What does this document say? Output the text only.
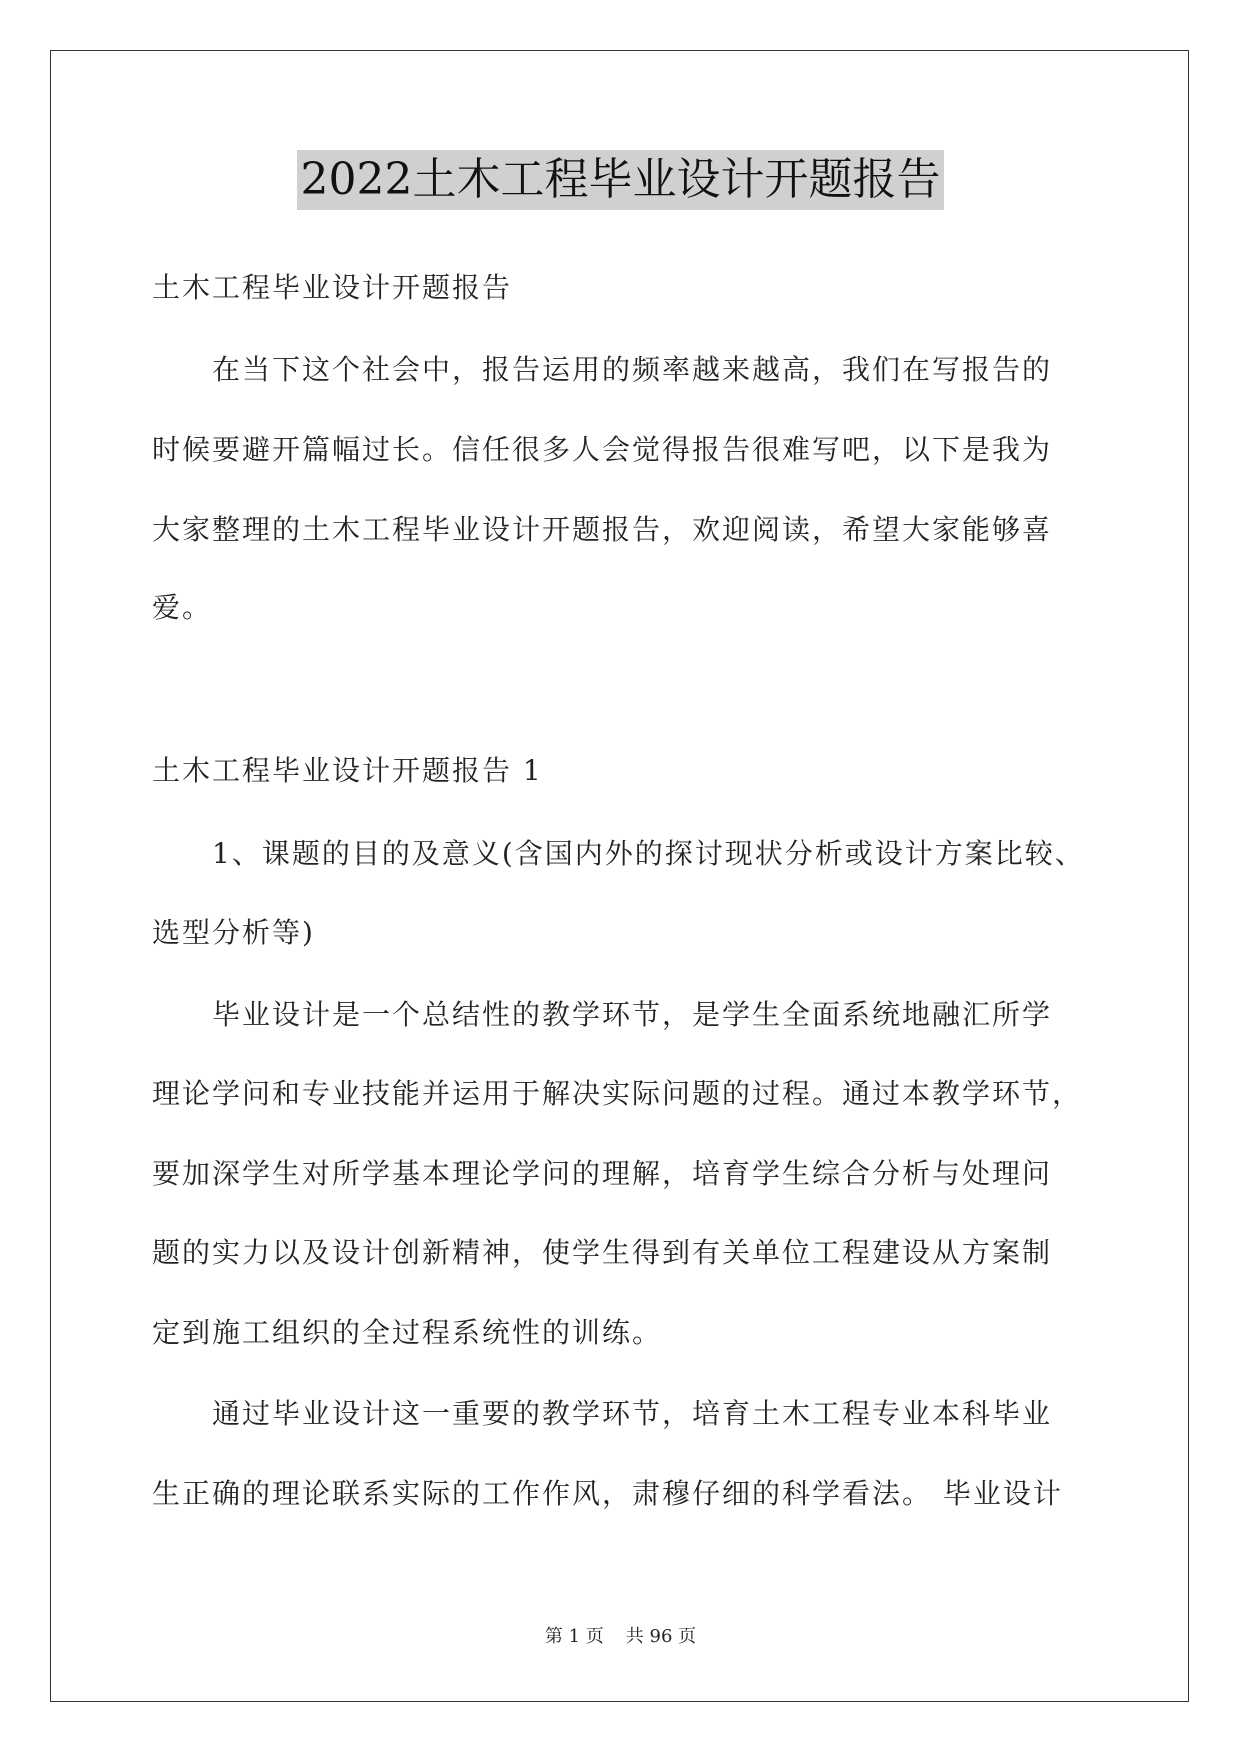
2022土木工程毕业设计开题报告
土木工程毕业设计开题报告
在当下这个社会中，报告运用的频率越来越高，我们在写报告的
时候要避开篇幅过长。信任很多人会觉得报告很难写吧，以下是我为
大家整理的土木工程毕业设计开题报告，欢迎阅读，希望大家能够喜
爱。
土木工程毕业设计开题报告 1
1、课题的目的及意义(含国内外的探讨现状分析或设计方案比较、
选型分析等)
毕业设计是一个总结性的教学环节，是学生全面系统地融汇所学
理论学问和专业技能并运用于解决实际问题的过程。通过本教学环节，
要加深学生对所学基本理论学问的理解，培育学生综合分析与处理问
题的实力以及设计创新精神，使学生得到有关单位工程建设从方案制
定到施工组织的全过程系统性的训练。
通过毕业设计这一重要的教学环节，培育土木工程专业本科毕业
生正确的理论联系实际的工作作风，肃穆仔细的科学看法。 毕业设计
第 1 页 共 96 页
